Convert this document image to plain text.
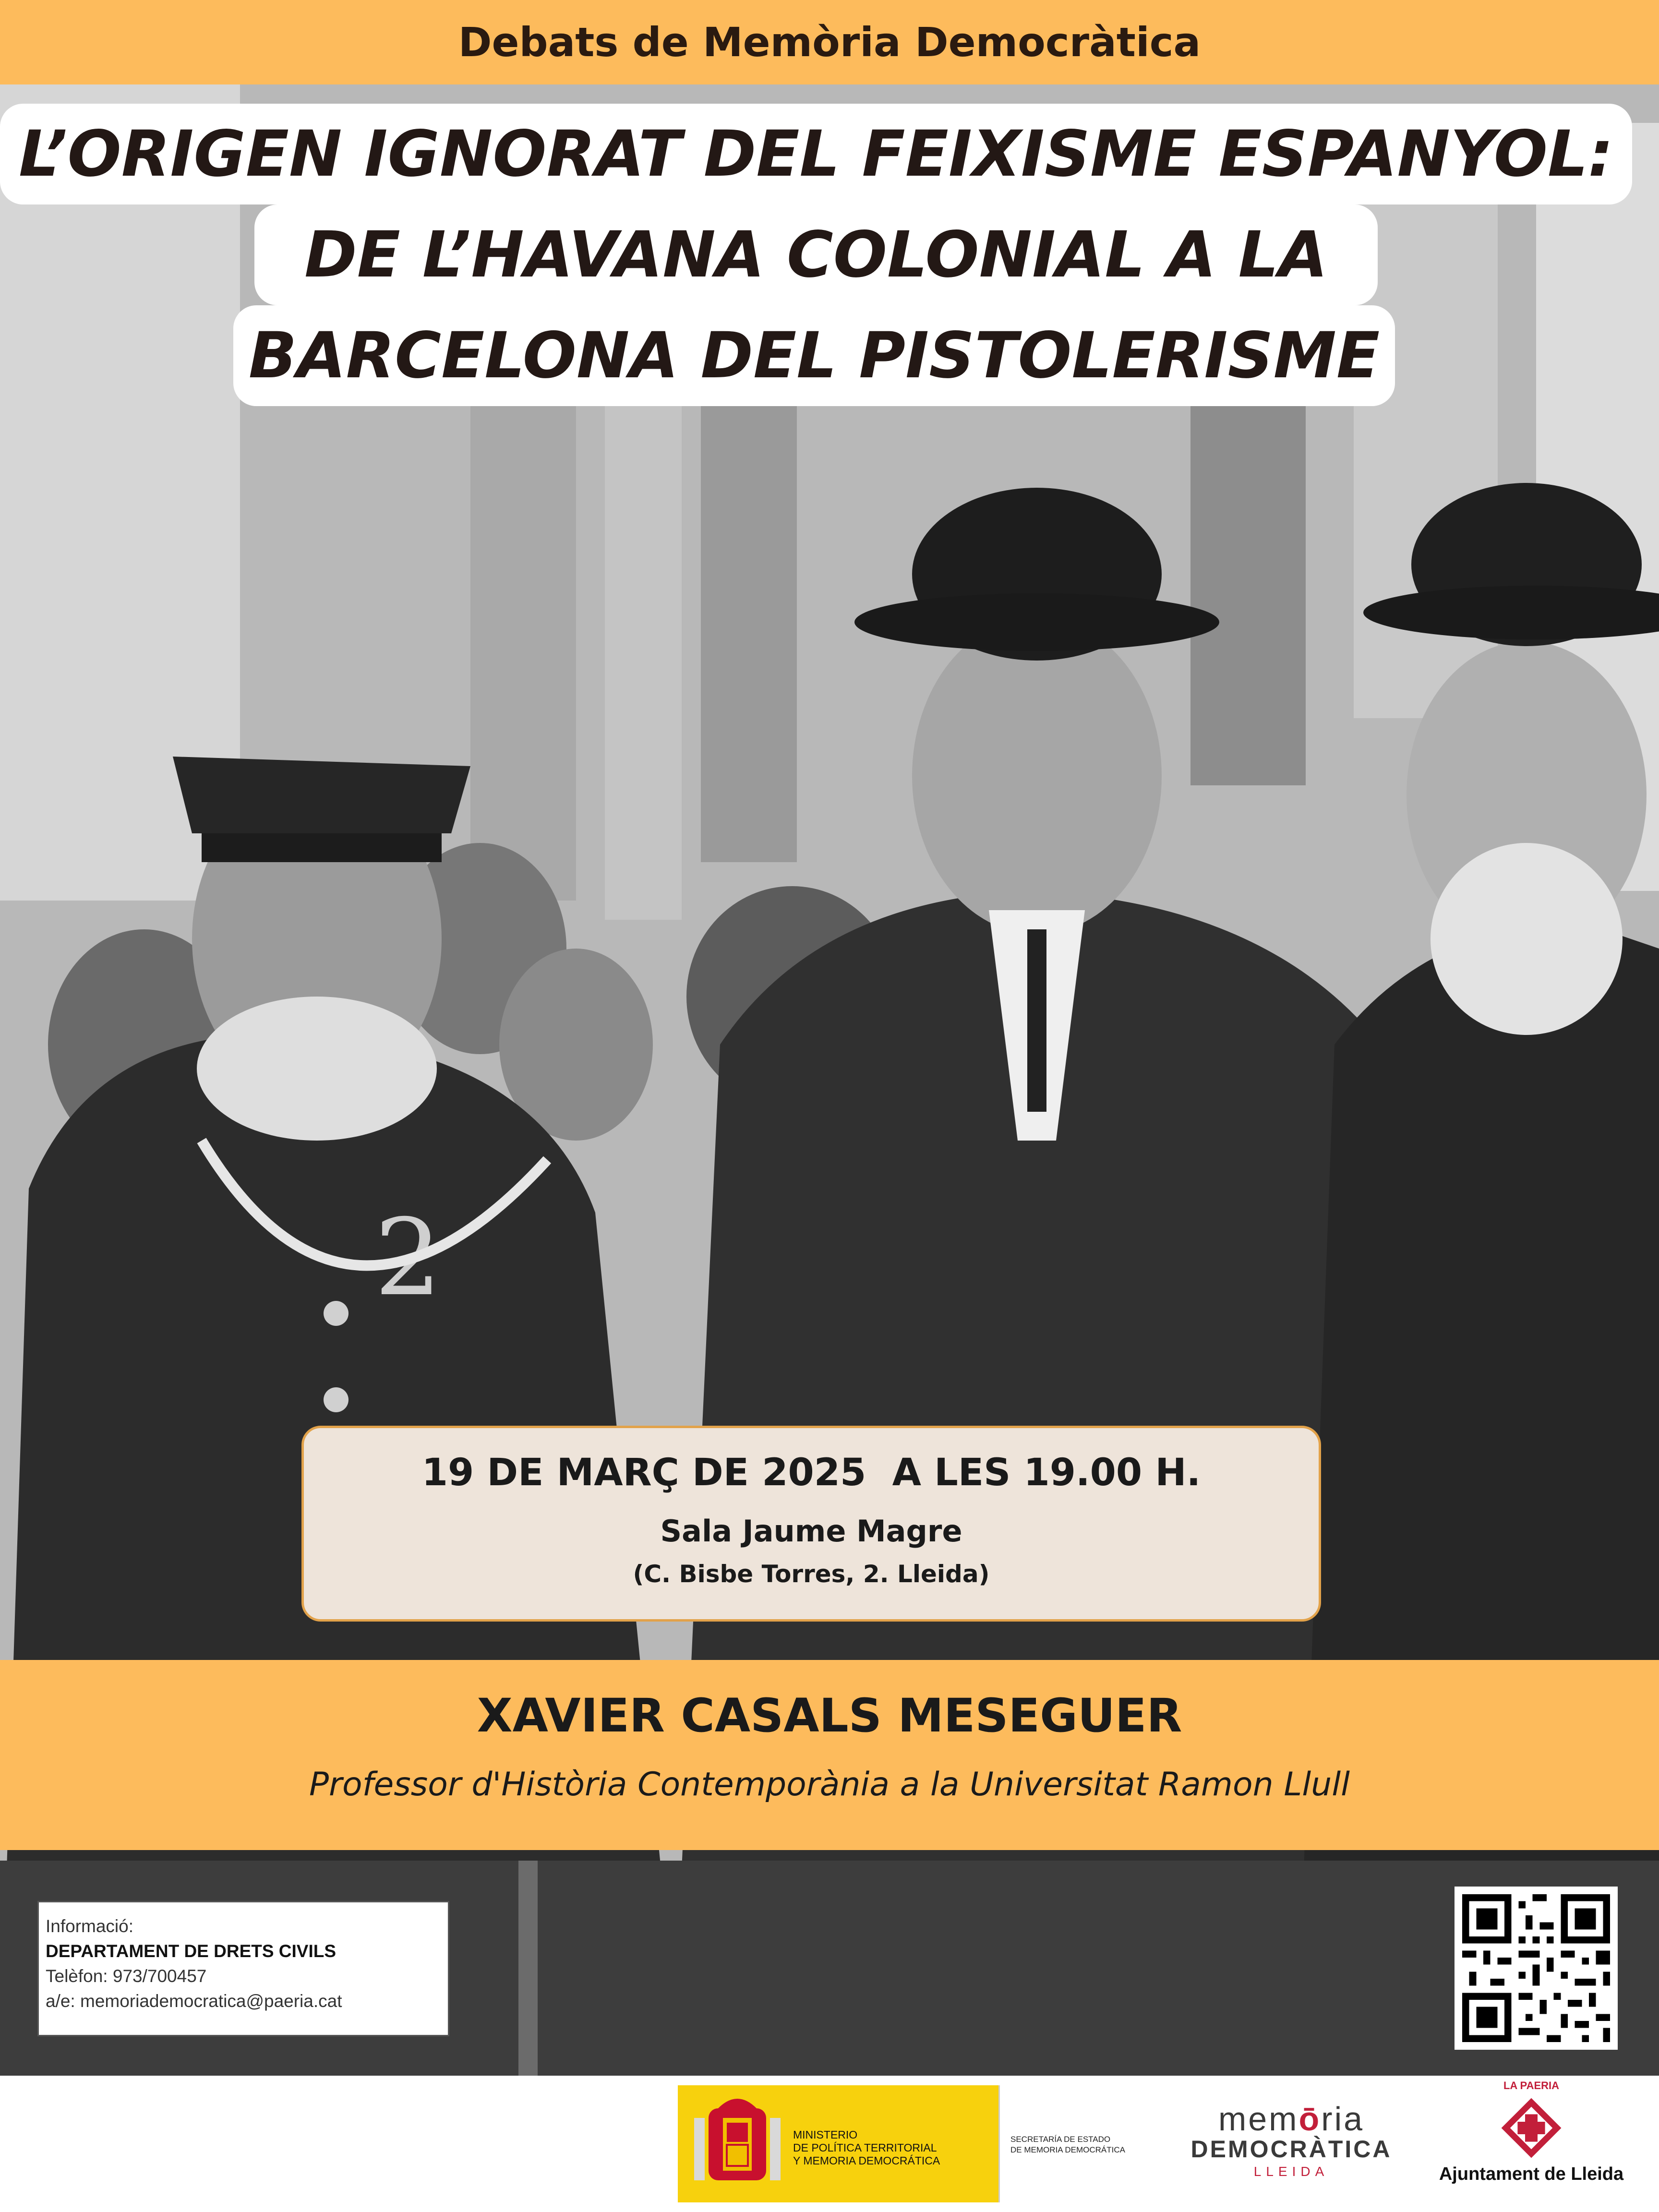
Debats de Memòria Democràtica
2
L’ORIGEN IGNORAT DEL FEIXISME ESPANYOL:
DE L’HAVANA COLONIAL A LA
BARCELONA DEL PISTOLERISME
19 DE MARÇ DE 2025  A LES 19.00 H.
Sala Jaume Magre
(C. Bisbe Torres, 2. Lleida)
XAVIER CASALS MESEGUER
Professor d'Història Contemporània a la Universitat Ramon Llull
Informació:
DEPARTAMENT DE DRETS CIVILS
Telèfon: 973/700457
a/e: memoriademocratica@paeria.cat
MINISTERIO
DE POLÍTICA TERRITORIAL
Y MEMORIA DEMOCRÁTICA
SECRETARÍA DE ESTADO
DE MEMORIA DEMOCRÁTICA
memōria
DEMOCRÀTICA
LLEIDA
LA PAERIA
Ajuntament de Lleida
